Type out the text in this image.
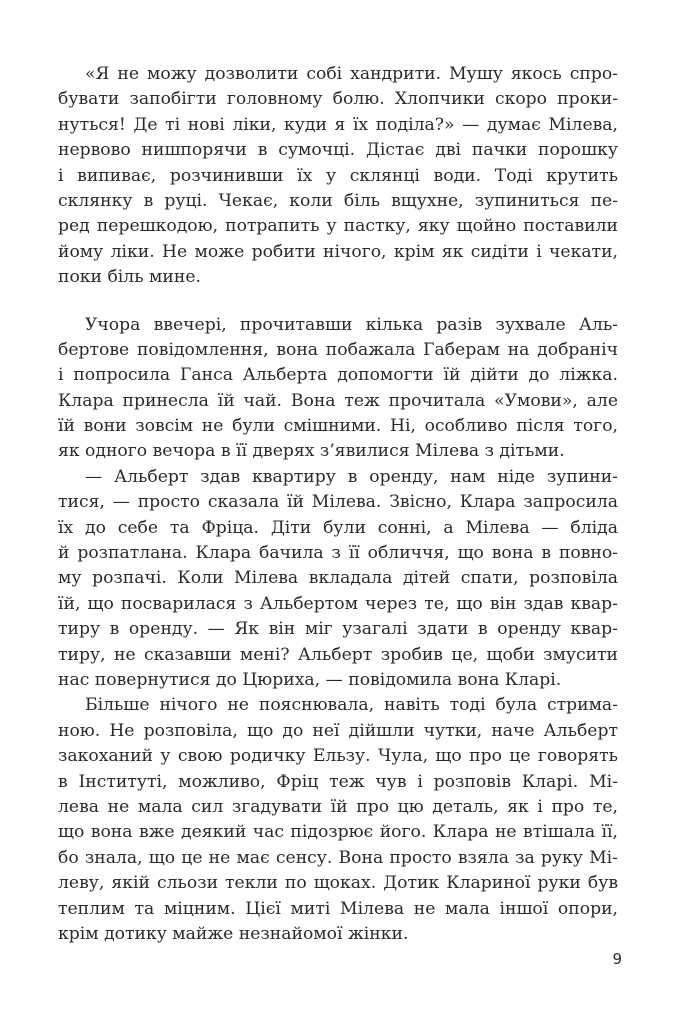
«Я не можу дозволити собі хандрити. Мушу якось спро-
бувати запобігти головному болю. Хлопчики скоро проки-
нуться! Де ті нові ліки, куди я їх поділа?» — думає Мілева,
нервово нишпорячи в сумочці. Дістає дві пачки порошку
і випиває, розчинивши їх у склянці води. Тоді крутить
склянку в руці. Чекає, коли біль вщухне, зупиниться пе-
ред перешкодою, потрапить у пастку, яку щойно поставили
йому ліки. Не може робити нічого, крім як сидіти і чекати,
поки біль мине.
Учора ввечері, прочитавши кілька разів зухвале Аль-
бертове повідомлення, вона побажала Габерам на добраніч
і попросила Ганса Альберта допомогти їй дійти до ліжка.
Клара принесла їй чай. Вона теж прочитала «Умови», але
їй вони зовсім не були смішними. Ні, особливо після того,
як одного вечора в її дверях з’явилися Мілева з дітьми.
— Альберт здав квартиру в оренду, нам ніде зупини-
тися, — просто сказала їй Мілева. Звісно, Клара запросила
їх до себе та Фріца. Діти були сонні, а Мілева — бліда
й розпатлана. Клара бачила з її обличчя, що вона в повно-
му розпачі. Коли Мілева вкладала дітей спати, розповіла
їй, що посварилася з Альбертом через те, що він здав квар-
тиру в оренду. — Як він міг узагалі здати в оренду квар-
тиру, не сказавши мені? Альберт зробив це, щоби змусити
нас повернутися до Цюриха, — повідомила вона Кларі.
Більше нічого не пояснювала, навіть тоді була стрима-
ною. Не розповіла, що до неї дійшли чутки, наче Альберт
закоханий у свою родичку Ельзу. Чула, що про це говорять
в Інституті, можливо, Фріц теж чув і розповів Кларі. Мі-
лева не мала сил згадувати їй про цю деталь, як і про те,
що вона вже деякий час підозрює його. Клара не втішала її,
бо знала, що це не має сенсу. Вона просто взяла за руку Мі-
леву, якій сльози текли по щоках. Дотик Клариної руки був
теплим та міцним. Цієї миті Мілева не мала іншої опори,
крім дотику майже незнайомої жінки.
9
